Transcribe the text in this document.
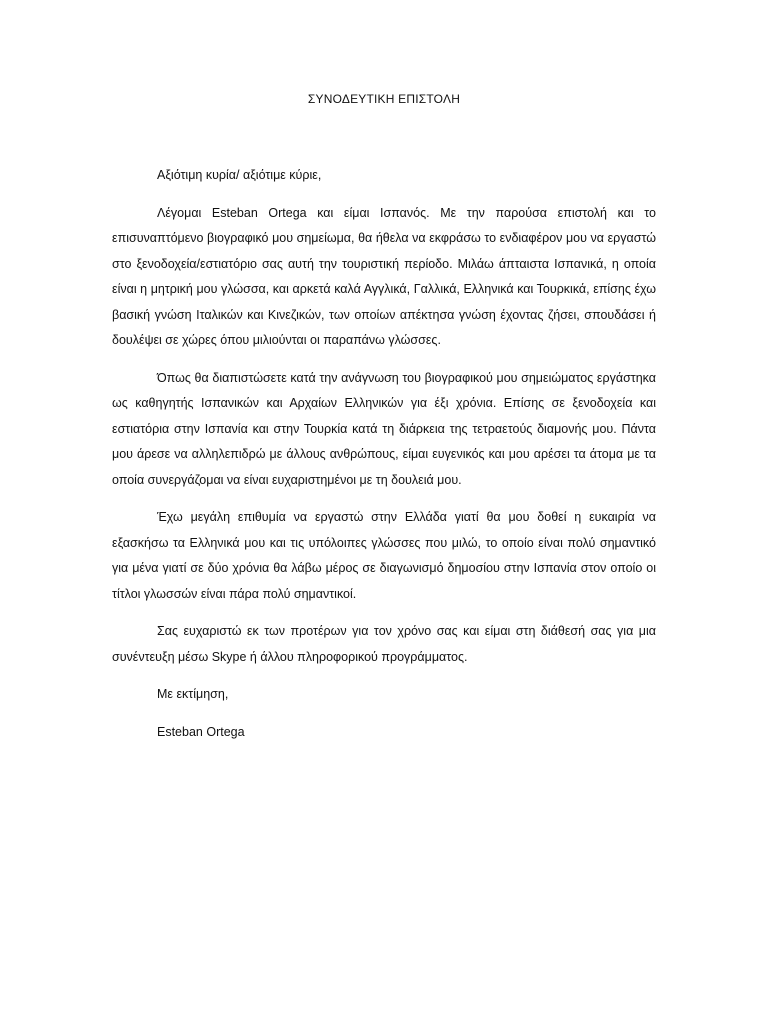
ΣΥΝΟΔΕΥΤΙΚΗ ΕΠΙΣΤΟΛΗ

Αξιότιμη κυρία/ αξιότιμε κύριε,

Λέγομαι Esteban Ortega και είμαι Ισπανός. Με την παρούσα επιστολή και το επισυναπτόμενο βιογραφικό μου σημείωμα, θα ήθελα να εκφράσω το ενδιαφέρον μου να εργαστώ στο ξενοδοχεία/εστιατόριο σας αυτή την τουριστική περίοδο. Μιλάω άπταιστα Ισπανικά, η οποία είναι η μητρική μου γλώσσα, και αρκετά καλά Αγγλικά, Γαλλικά, Ελληνικά και Τουρκικά, επίσης έχω βασική γνώση Ιταλικών και Κινεζικών, των οποίων απέκτησα γνώση έχοντας ζήσει, σπουδάσει ή δουλέψει σε χώρες όπου μιλιούνται οι παραπάνω γλώσσες.

Όπως θα διαπιστώσετε κατά την ανάγνωση του βιογραφικού μου σημειώματος εργάστηκα ως καθηγητής Ισπανικών και Αρχαίων Ελληνικών για έξι χρόνια. Επίσης σε ξενοδοχεία και εστιατόρια στην Ισπανία και στην Τουρκία κατά τη διάρκεια της τετραετούς διαμονής μου. Πάντα μου άρεσε να αλληλεπιδρώ με άλλους ανθρώπους, είμαι ευγενικός και μου αρέσει τα άτομα με τα οποία συνεργάζομαι να είναι ευχαριστημένοι με τη δουλειά μου.

Έχω μεγάλη επιθυμία να εργαστώ στην Ελλάδα γιατί θα μου δοθεί η ευκαιρία να εξασκήσω τα Ελληνικά μου και τις υπόλοιπες γλώσσες που μιλώ, το οποίο είναι πολύ σημαντικό για μένα γιατί σε δύο χρόνια θα λάβω μέρος σε διαγωνισμό δημοσίου στην Ισπανία στον οποίο οι τίτλοι γλωσσών είναι πάρα πολύ σημαντικοί.

Σας ευχαριστώ εκ των προτέρων για τον χρόνο σας και είμαι στη διάθεσή σας για μια συνέντευξη μέσω Skype ή άλλου πληροφορικού προγράμματος.

Με εκτίμηση,

Esteban Ortega
